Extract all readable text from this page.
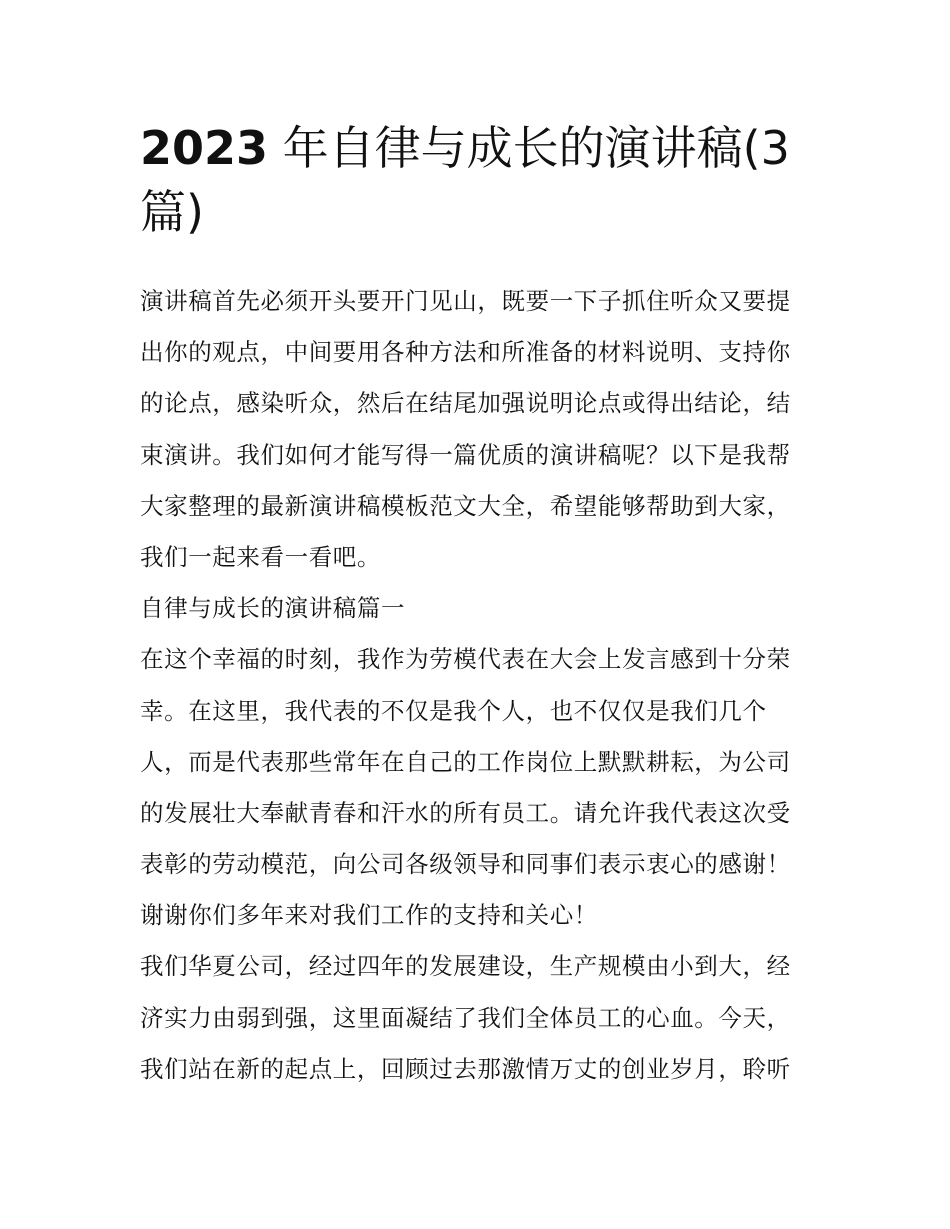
2023 年自律与成长的演讲稿(3
篇)
演讲稿首先必须开头要开门见山，既要一下子抓住听众又要提
出你的观点，中间要用各种方法和所准备的材料说明、支持你
的论点，感染听众，然后在结尾加强说明论点或得出结论，结
束演讲。我们如何才能写得一篇优质的演讲稿呢？以下是我帮
大家整理的最新演讲稿模板范文大全，希望能够帮助到大家，
我们一起来看一看吧。
自律与成长的演讲稿篇一
在这个幸福的时刻，我作为劳模代表在大会上发言感到十分荣
幸。在这里，我代表的不仅是我个人，也不仅仅是我们几个
人，而是代表那些常年在自己的工作岗位上默默耕耘，为公司
的发展壮大奉献青春和汗水的所有员工。请允许我代表这次受
表彰的劳动模范，向公司各级领导和同事们表示衷心的感谢！
谢谢你们多年来对我们工作的支持和关心！
我们华夏公司，经过四年的发展建设，生产规模由小到大，经
济实力由弱到强，这里面凝结了我们全体员工的心血。今天，
我们站在新的起点上，回顾过去那激情万丈的创业岁月，聆听
